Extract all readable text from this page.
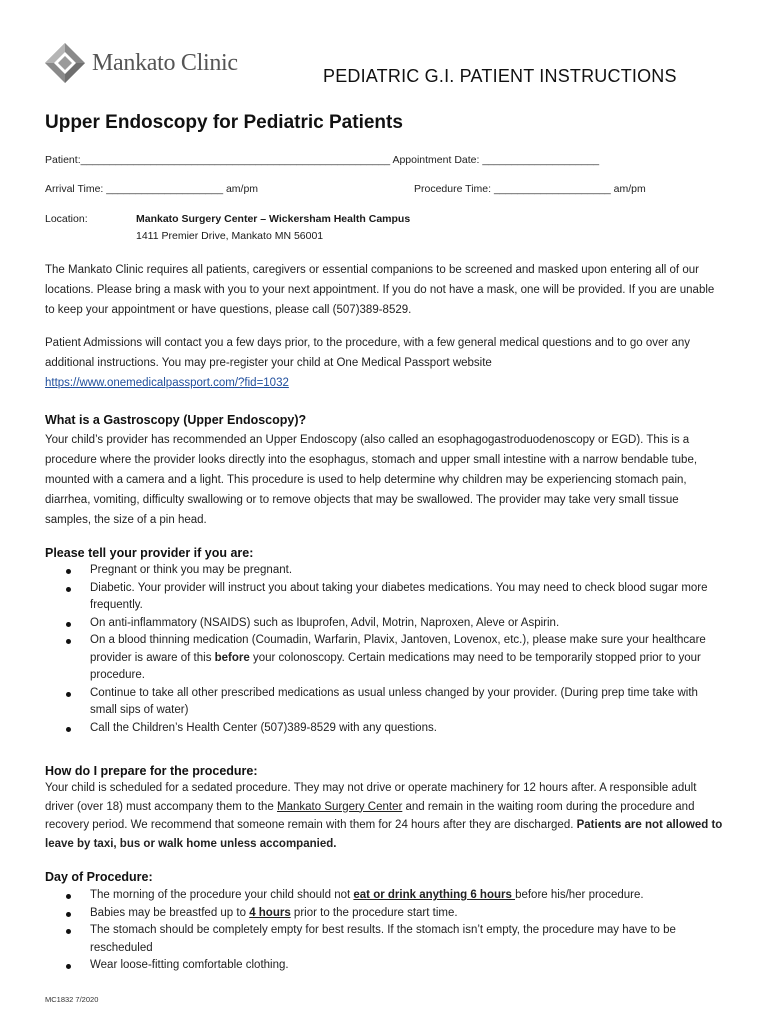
Mankato Clinic
PEDIATRIC G.I. PATIENT INSTRUCTIONS
Upper Endoscopy for Pediatric Patients
Patient:_____________________________________________________ Appointment Date: ____________________
Arrival Time: ____________________ am/pm	Procedure Time: ____________________ am/pm
Location:	Mankato Surgery Center – Wickersham Health Campus
1411 Premier Drive, Mankato MN 56001

The Mankato Clinic requires all patients, caregivers or essential companions to be screened and masked upon entering all of our locations. Please bring a mask with you to your next appointment. If you do not have a mask, one will be provided. If you are unable to keep your appointment or have questions, please call (507)389-8529.

Patient Admissions will contact you a few days prior, to the procedure, with a few general medical questions and to go over any additional instructions. You may pre-register your child at One Medical Passport website
https://www.onemedicalpassport.com/?fid=1032

What is a Gastroscopy (Upper Endoscopy)?

Your child’s provider has recommended an Upper Endoscopy (also called an esophagogastroduodenoscopy or EGD). This is a procedure where the provider looks directly into the esophagus, stomach and upper small intestine with a narrow bendable tube, mounted with a camera and a light. This procedure is used to help determine why children may be experiencing stomach pain, diarrhea, vomiting, difficulty swallowing or to remove objects that may be swallowed. The provider may take very small tissue samples, the size of a pin head.

Please tell your provider if you are:
Pregnant or think you may be pregnant.
Diabetic. Your provider will instruct you about taking your diabetes medications. You may need to check blood sugar more frequently.
On anti-inflammatory (NSAIDS) such as Ibuprofen, Advil, Motrin, Naproxen, Aleve or Aspirin.
On a blood thinning medication (Coumadin, Warfarin, Plavix, Jantoven, Lovenox, etc.), please make sure your healthcare provider is aware of this before your colonoscopy. Certain medications may need to be temporarily stopped prior to your procedure.
Continue to take all other prescribed medications as usual unless changed by your provider. (During prep time take with small sips of water)
Call the Children’s Health Center (507)389-8529 with any questions.
How do I prepare for the procedure:

Your child is scheduled for a sedated procedure. They may not drive or operate machinery for 12 hours after. A responsible adult driver (over 18) must accompany them to the Mankato Surgery Center and remain in the waiting room during the procedure and recovery period. We recommend that someone remain with them for 24 hours after they are discharged. Patients are not allowed to leave by taxi, bus or walk home unless accompanied.

Day of Procedure:
The morning of the procedure your child should not eat or drink anything 6 hours before his/her procedure.
Babies may be breastfed up to 4 hours prior to the procedure start time.
The stomach should be completely empty for best results. If the stomach isn’t empty, the procedure may have to be rescheduled
Wear loose-fitting comfortable clothing.
MC1832 7/2020
